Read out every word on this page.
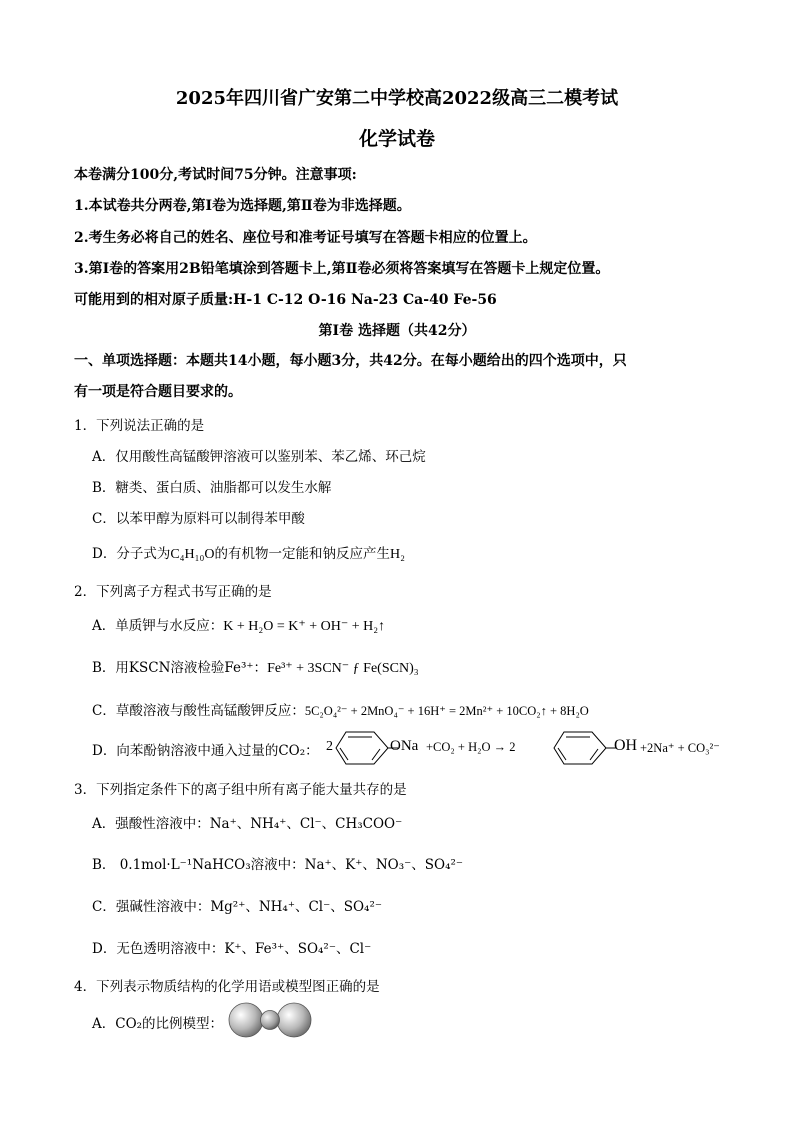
2025年四川省广安第二中学校高2022级高三二模考试
化学试卷
本卷满分100分,考试时间75分钟。注意事项:
1.本试卷共分两卷,第Ⅰ卷为选择题,第Ⅱ卷为非选择题。
2.考生务必将自己的姓名、座位号和准考证号填写在答题卡相应的位置上。
3.第Ⅰ卷的答案用2B铅笔填涂到答题卡上,第Ⅱ卷必须将答案填写在答题卡上规定位置。
可能用到的相对原子质量:H-1 C-12 O-16 Na-23 Ca-40 Fe-56
第Ⅰ卷 选择题（共42分）
一、单项选择题：本题共14小题，每小题3分，共42分。在每小题给出的四个选项中，只
有一项是符合题目要求的。
1．下列说法正确的是
A．仅用酸性高锰酸钾溶液可以鉴别苯、苯乙烯、环己烷
B．糖类、蛋白质、油脂都可以发生水解
C．以苯甲醇为原料可以制得苯甲酸
D．分子式为C₄H₁₀O的有机物一定能和钠反应产生H₂
2．下列离子方程式书写正确的是
A．单质钾与水反应：K + H₂O = K⁺ + OH⁻ + H₂↑
B．用KSCN溶液检验Fe³⁺：Fe³⁺ + 3SCN⁻ ƒ Fe(SCN)₃
C．草酸溶液与酸性高锰酸钾反应：5C₂O₄²⁻ + 2MnO₄⁻ + 16H⁺ = 2Mn²⁺ + 10CO₂↑ + 8H₂O
D．向苯酚钠溶液中通入过量的CO₂： 2	ONa +CO₂ + H₂O → 2	OH +2Na⁺ + CO₃²⁻
3．下列指定条件下的离子组中所有离子能大量共存的是
A．强酸性溶液中：Na⁺、NH₄⁺、Cl⁻、CH₃COO⁻
B． 0.1mol·L⁻¹NaHCO₃溶液中：Na⁺、K⁺、NO₃⁻、SO₄²⁻
C．强碱性溶液中：Mg²⁺、NH₄⁺、Cl⁻、SO₄²⁻
D．无色透明溶液中：K⁺、Fe³⁺、SO₄²⁻、Cl⁻
4．下列表示物质结构的化学用语或模型图正确的是
A．CO₂的比例模型：
